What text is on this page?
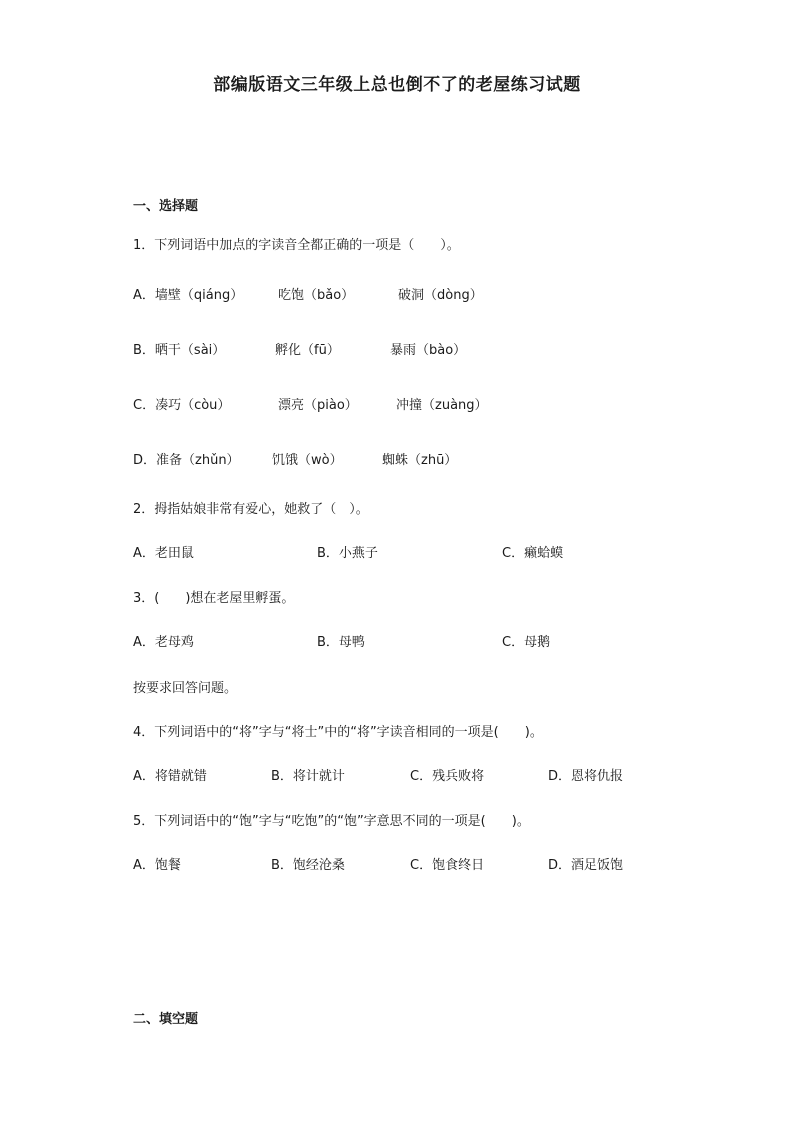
部编版语文三年级上总也倒不了的老屋练习试题
一、选择题
1．下列词语中加点的字读音全都正确的一项是（　　）。
A．墙壁（qiáng）	吃饱（bǎo）	破洞（dòng）
B．晒干（sài）	孵化（fū）	暴雨（bào）
C．凑巧（còu）	漂亮（piào）	冲撞（zuàng）
D．准备（zhǔn） 饥饿（wò）	蜘蛛（zhū）
2．拇指姑娘非常有爱心，她救了（　）。
A．老田鼠	B．小燕子	C．癞蛤蟆
3．(　　)想在老屋里孵蛋。
A．老母鸡	B．母鸭	C．母鹅
按要求回答问题。
4．下列词语中的“将”字与“将士”中的“将”字读音相同的一项是(　　)。
A．将错就错	B．将计就计	C．残兵败将	D．恩将仇报
5．下列词语中的“饱”字与“吃饱”的“饱”字意思不同的一项是(　　)。
A．饱餐	B．饱经沧桑	C．饱食终日	D．酒足饭饱
二、填空题
